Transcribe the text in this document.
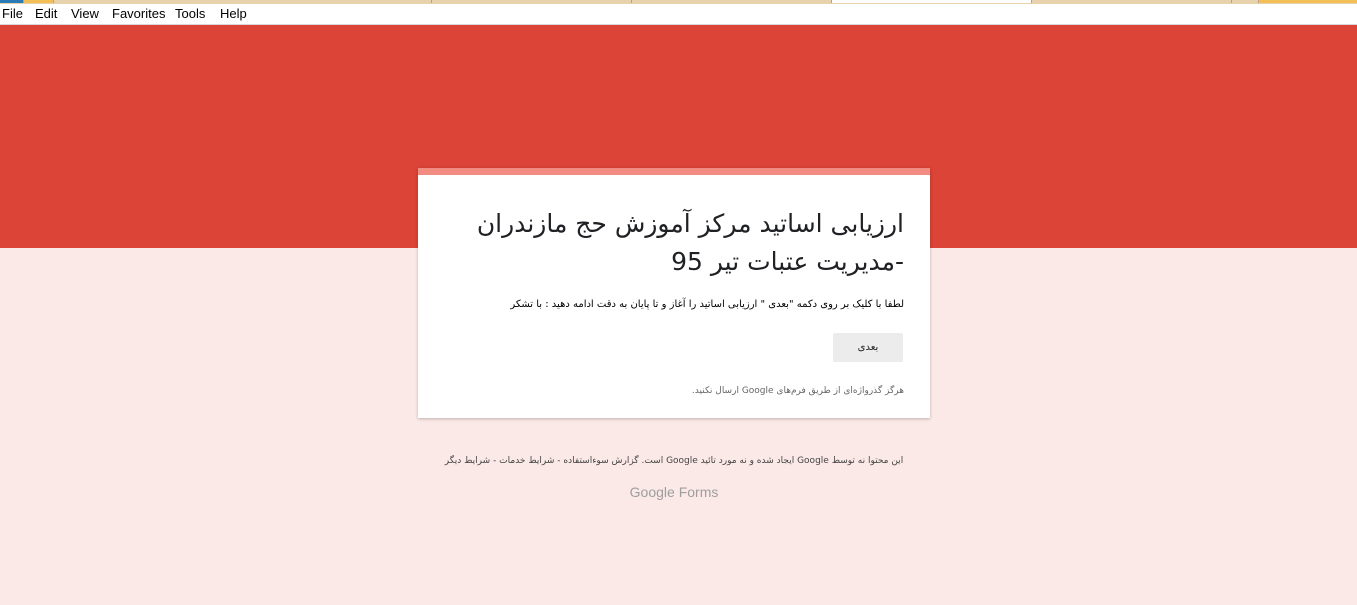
File Edit View Favorites Tools Help
ارزیابی اساتید مرکز آموزش حج مازندران -مدیریت عتبات تیر 95
لطفا با کلیک بر روی دکمه "بعدی " ارزیابی اساتید را آغاز و تا پایان به دقت ادامه دهید : با تشکر
بعدی
هرگز گذرواژه‌ای از طریق فرم‌های Google ارسال نکنید.
این محتوا نه توسط Google ایجاد شده و نه مورد تائید Google است. گزارش سوءاستفاده - شرایط خدمات - شرایط دیگر
Google Forms
